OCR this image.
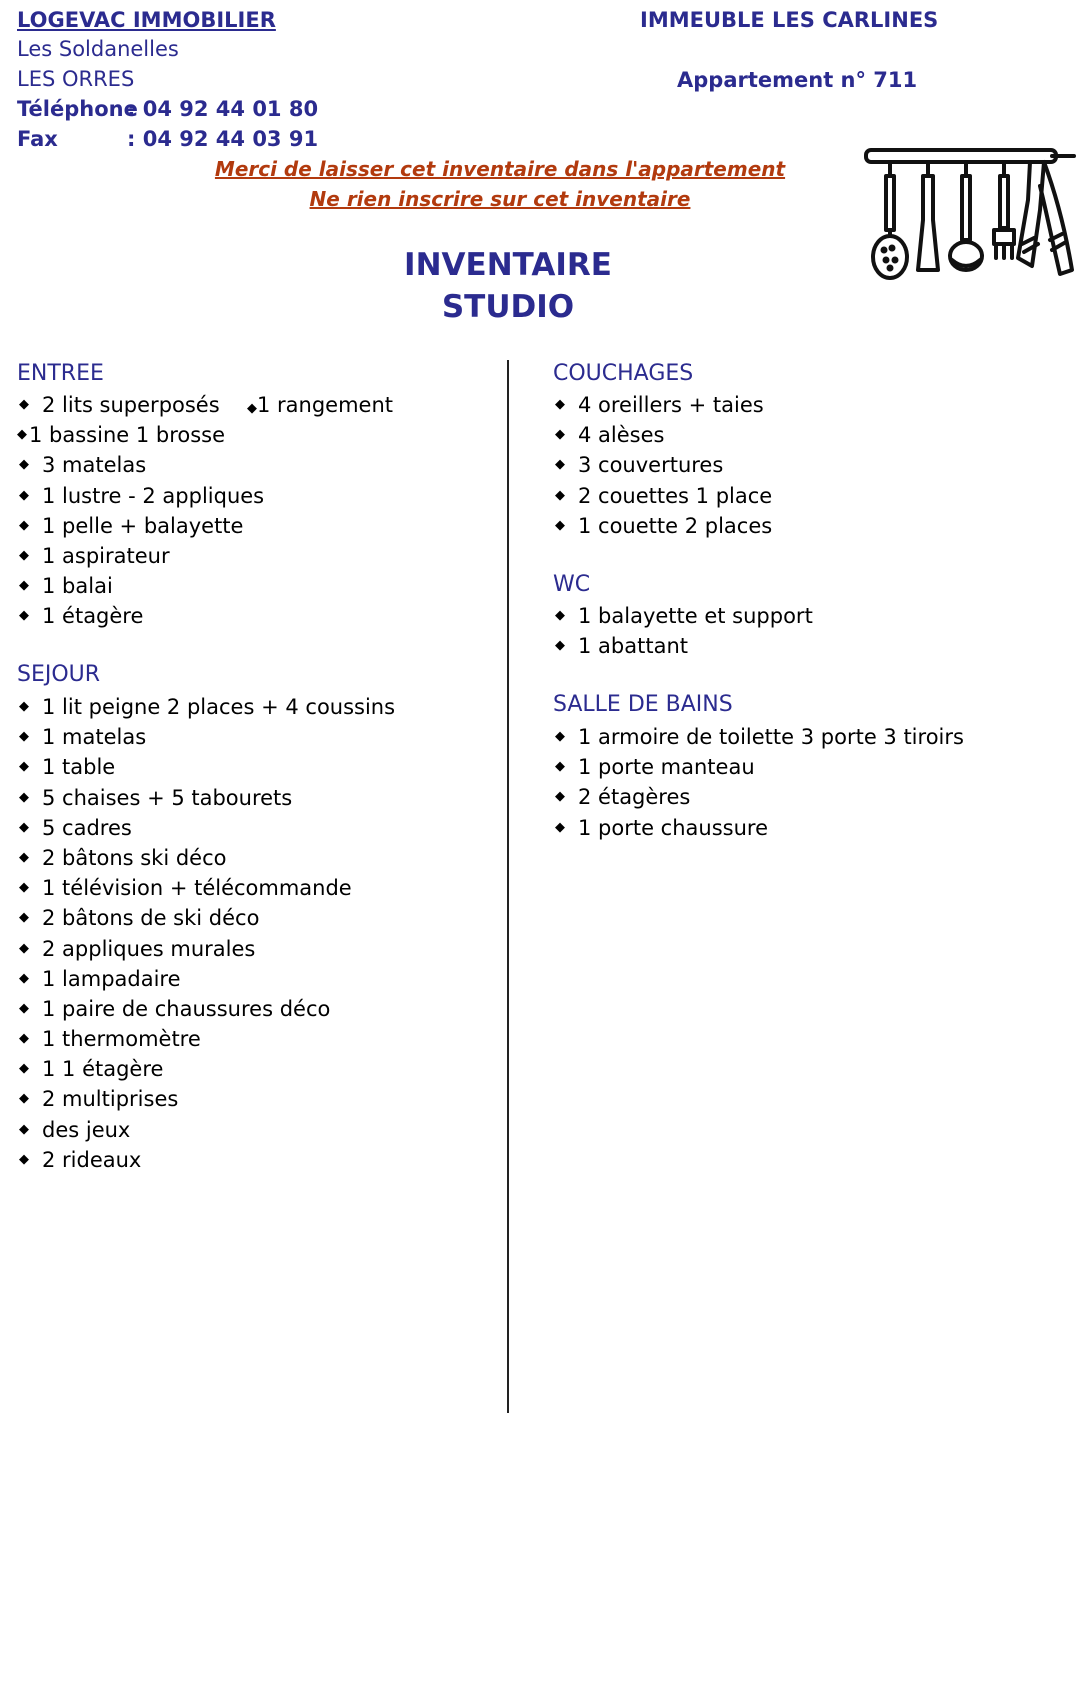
LOGEVAC IMMOBILIER
Les Soldanelles
LES ORRES
Téléphone: 04 92 44 01 80
Fax	: 04 92 44 03 91
IMMEUBLE LES CARLINES
Appartement n° 711
Merci de laisser cet inventaire dans l'appartement
Ne rien inscrire sur cet inventaire
INVENTAIRE
STUDIO
ENTREE
◆ 2 lits superposés ◆1 rangement
◆ 1 bassine 1 brosse
◆ 3 matelas
◆ 1 lustre - 2 appliques
◆ 1 pelle + balayette
◆ 1 aspirateur
◆ 1 balai
◆ 1 étagère
SEJOUR
◆ 1 lit peigne 2 places + 4 coussins
◆ 1 matelas
◆ 1 table
◆ 5 chaises + 5 tabourets
◆ 5 cadres
◆ 2 bâtons ski déco
◆ 1 télévision + télécommande
◆ 2 bâtons de ski déco
◆ 2 appliques murales
◆ 1 lampadaire
◆ 1 paire de chaussures déco
◆ 1 thermomètre
◆ 1 1 étagère
◆ 2 multiprises
◆ des jeux
◆ 2 rideaux
COUCHAGES
◆ 4 oreillers + taies
◆ 4 alèses
◆ 3 couvertures
◆ 2 couettes 1 place
◆ 1 couette 2 places
WC
◆ 1 balayette et support
◆ 1 abattant
SALLE DE BAINS
◆ 1 armoire de toilette 3 porte 3 tiroirs
◆ 1 porte manteau
◆ 2 étagères
◆ 1 porte chaussure
